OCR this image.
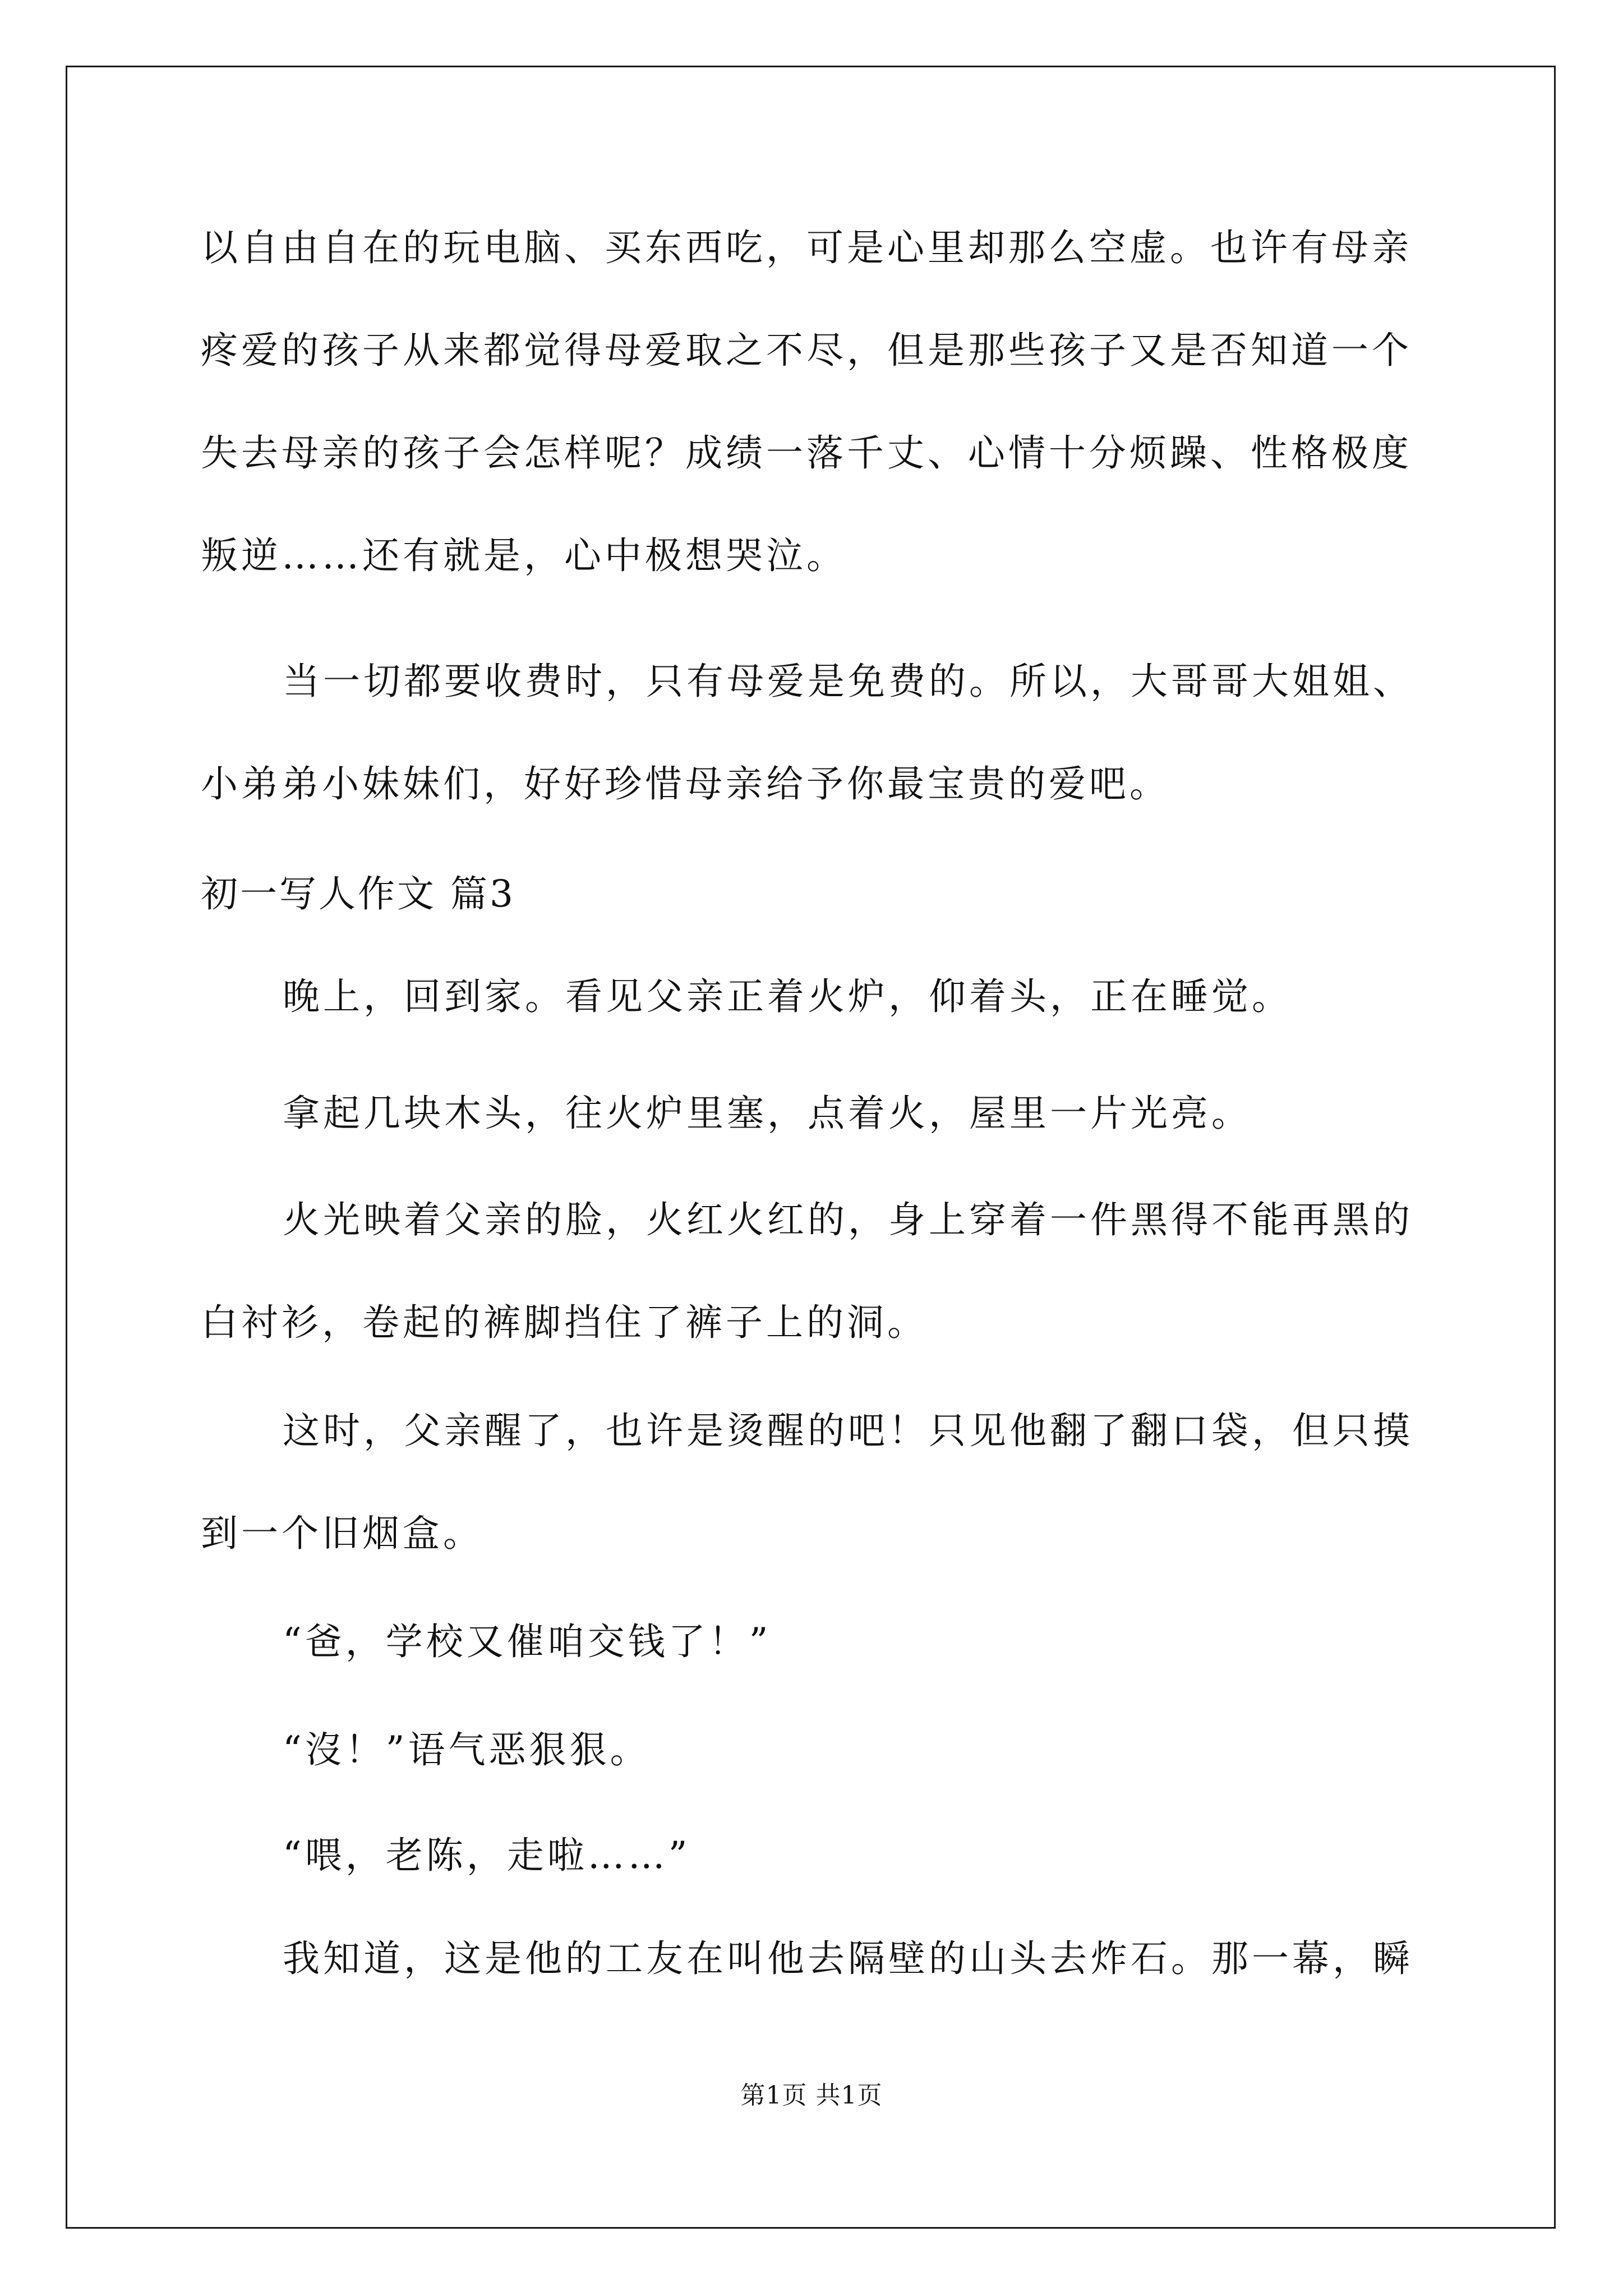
以自由自在的玩电脑、买东西吃，可是心里却那么空虚。也许有母亲

疼爱的孩子从来都觉得母爱取之不尽，但是那些孩子又是否知道一个

失去母亲的孩子会怎样呢？成绩一落千丈、心情十分烦躁、性格极度

叛逆……还有就是，心中极想哭泣。

当一切都要收费时，只有母爱是免费的。所以，大哥哥大姐姐、

小弟弟小妹妹们，好好珍惜母亲给予你最宝贵的爱吧。

初一写人作文 篇3

晚上，回到家。看见父亲正着火炉，仰着头，正在睡觉。

拿起几块木头，往火炉里塞，点着火，屋里一片光亮。

火光映着父亲的脸，火红火红的，身上穿着一件黑得不能再黑的

白衬衫，卷起的裤脚挡住了裤子上的洞。

这时，父亲醒了，也许是烫醒的吧！只见他翻了翻口袋，但只摸

到一个旧烟盒。

“爸，学校又催咱交钱了！”

“沒！”语气恶狠狠。

“喂，老陈，走啦……”

我知道，这是他的工友在叫他去隔壁的山头去炸石。那一幕，瞬

第1页 共1页
